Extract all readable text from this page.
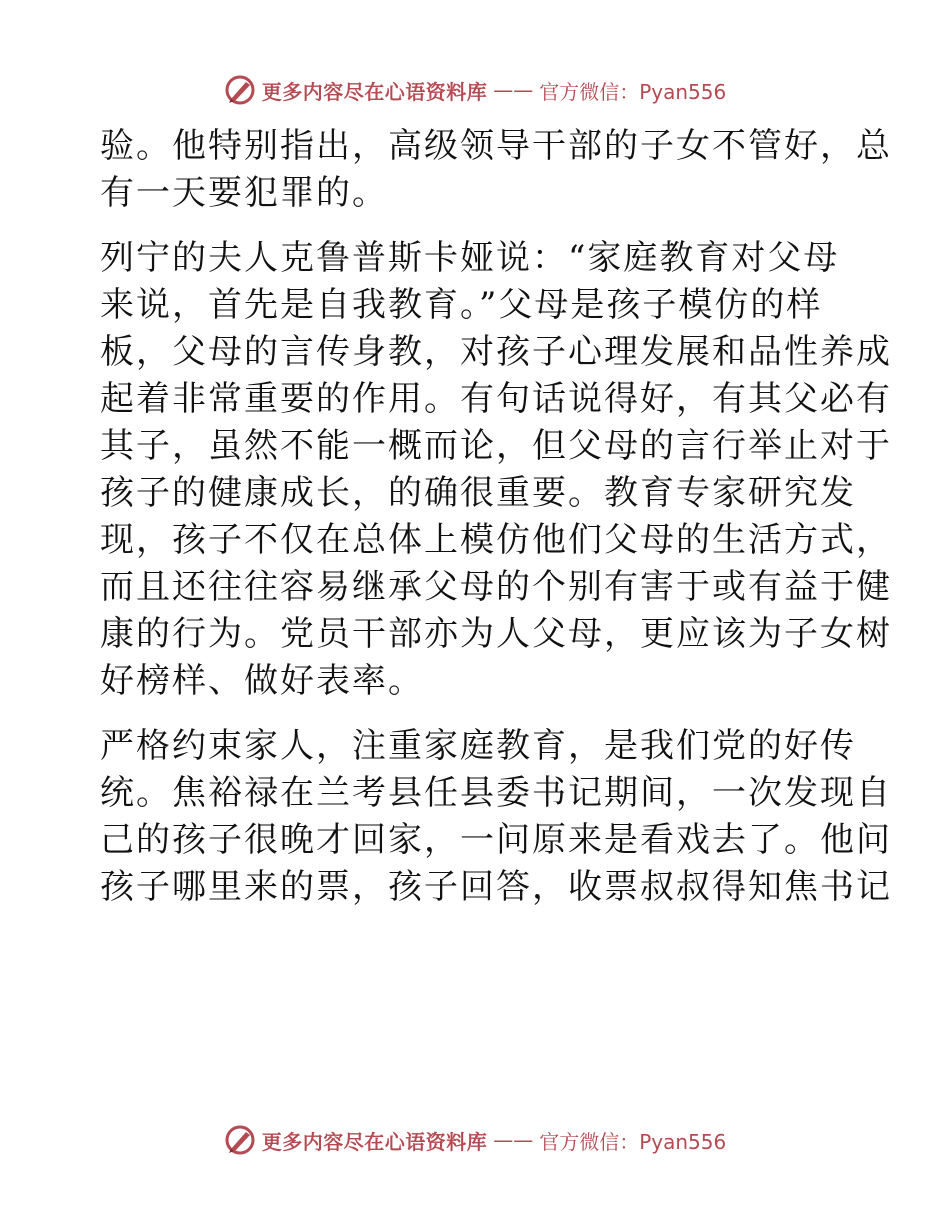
更多内容尽在心语资料库 —— 官方微信：Pyan556

验。他特别指出，高级领导干部的子女不管好，总
有一天要犯罪的。

列宁的夫人克鲁普斯卡娅说：“家庭教育对父母
来说，首先是自我教育。”父母是孩子模仿的样
板，父母的言传身教，对孩子心理发展和品性养成
起着非常重要的作用。有句话说得好，有其父必有
其子，虽然不能一概而论，但父母的言行举止对于
孩子的健康成长，的确很重要。教育专家研究发
现，孩子不仅在总体上模仿他们父母的生活方式，
而且还往往容易继承父母的个别有害于或有益于健
康的行为。党员干部亦为人父母，更应该为子女树
好榜样、做好表率。

严格约束家人，注重家庭教育，是我们党的好传
统。焦裕禄在兰考县任县委书记期间，一次发现自
己的孩子很晚才回家，一问原来是看戏去了。他问
孩子哪里来的票，孩子回答，收票叔叔得知焦书记

更多内容尽在心语资料库 —— 官方微信：Pyan556
